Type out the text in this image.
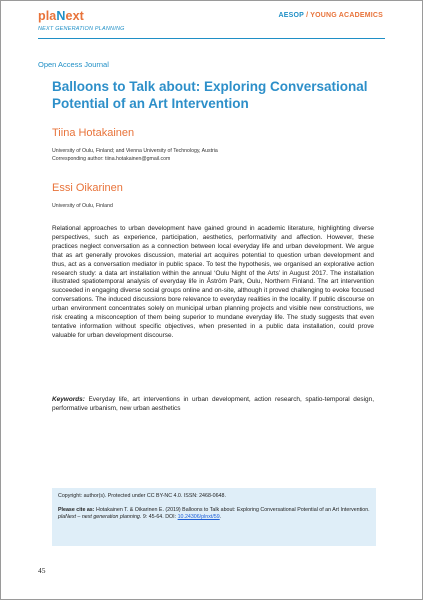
plaNext
NEXT GENERATION PLANNING
AESOP / YOUNG ACADEMICS
Open Access Journal
Balloons to Talk about: Exploring Conversational Potential of an Art Intervention
Tiina Hotakainen
University of Oulu, Finland; and Vienna University of Technology, Austria
Corresponding author: tiina.hotakainen@gmail.com
Essi Oikarinen
University of Oulu, Finland

Relational approaches to urban development have gained ground in academic literature, highlighting diverse perspectives, such as experience, participation, aesthetics, performativity and affection. However, these practices neglect conversation as a connection between local everyday life and urban development. We argue that as art generally provokes discussion, material art acquires potential to question urban development and thus, act as a conversation mediator in public space. To test the hypothesis, we organised an explorative action research study: a data art installation within the annual ‘Oulu Night of the Arts’ in August 2017. The installation illustrated spatiotemporal analysis of everyday life in Åström Park, Oulu, Northern Finland. The art intervention succeeded in engaging diverse social groups online and on-site, although it proved challenging to evoke focused conversations. The induced discussions bore relevance to everyday realities in the locality. If public discourse on urban environment concentrates solely on municipal urban planning projects and visible new constructions, we risk creating a misconception of them being superior to mundane everyday life. The study suggests that even tentative information without specific objectives, when presented in a public data installation, could prove valuable for urban development discourse.

Keywords: Everyday life, art interventions in urban development, action research, spatio-temporal design, performative urbanism, new urban aesthetics

Copyright: author(s). Protected under CC BY-NC 4.0. ISSN: 2468-0648.
Please cite as: Hotakainen T. & Oikarinen E. (2019) Balloons to Talk about: Exploring Conversational Potential of an Art Intervention. plaNext – next generation planning. 9: 45-64. DOI: 10.24306/plnxt/59.
45
